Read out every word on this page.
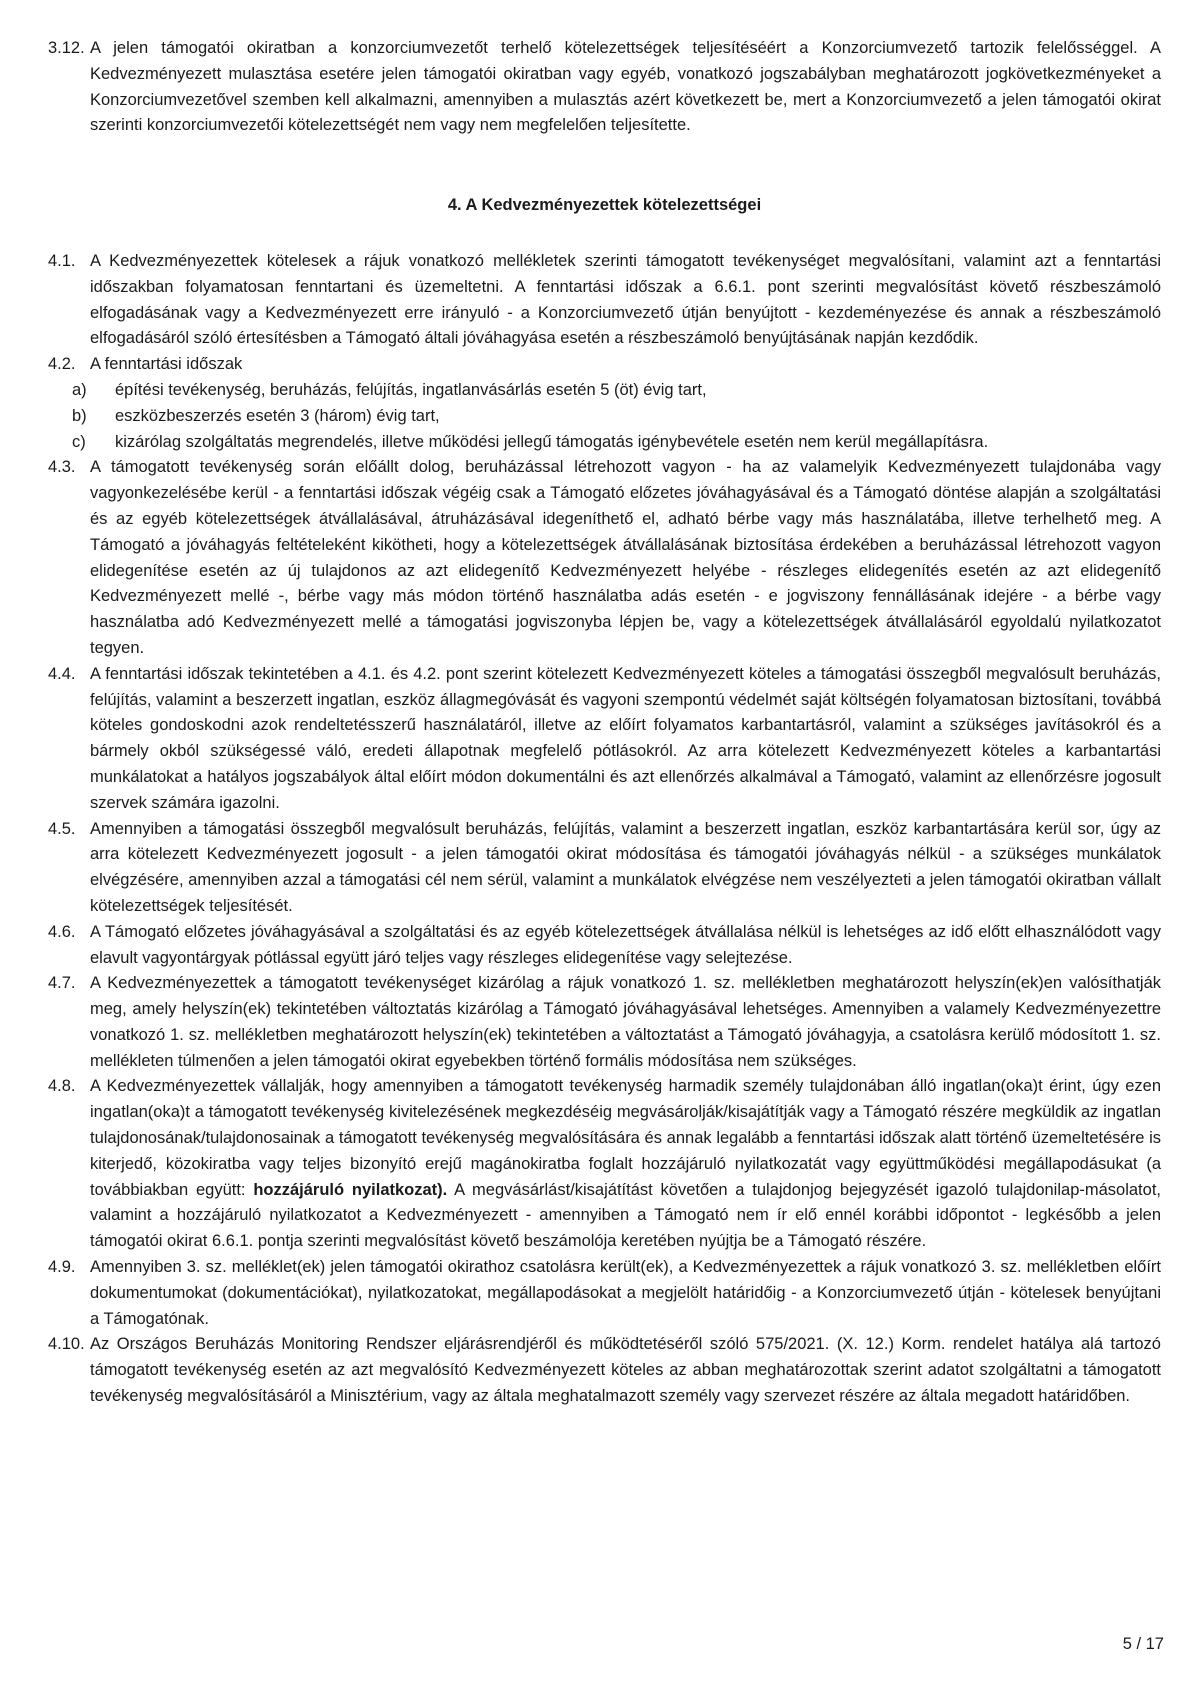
3.12. A jelen támogatói okiratban a konzorciumvezetőt terhelő kötelezettségek teljesítéséért a Konzorciumvezető tartozik felelősséggel. A Kedvezményezett mulasztása esetére jelen támogatói okiratban vagy egyéb, vonatkozó jogszabályban meghatározott jogkövetkezményeket a Konzorciumvezetővel szemben kell alkalmazni, amennyiben a mulasztás azért következett be, mert a Konzorciumvezető a jelen támogatói okirat szerinti konzorciumvezetői kötelezettségét nem vagy nem megfelelően teljesítette.
4. A Kedvezményezettek kötelezettségei
4.1. A Kedvezményezettek kötelesek a rájuk vonatkozó mellékletek szerinti támogatott tevékenységet megvalósítani, valamint azt a fenntartási időszakban folyamatosan fenntartani és üzemeltetni. A fenntartási időszak a 6.6.1. pont szerinti megvalósítást követő részbeszámoló elfogadásának vagy a Kedvezményezett erre irányuló - a Konzorciumvezető útján benyújtott - kezdeményezése és annak a részbeszámoló elfogadásáról szóló értesítésben a Támogató általi jóváhagyása esetén a részbeszámoló benyújtásának napján kezdődik.
4.2. A fenntartási időszak
a) építési tevékenység, beruházás, felújítás, ingatlanvásárlás esetén 5 (öt) évig tart,
b) eszközbeszerzés esetén 3 (három) évig tart,
c) kizárólag szolgáltatás megrendelés, illetve működési jellegű támogatás igénybevétele esetén nem kerül megállapításra.
4.3. A támogatott tevékenység során előállt dolog, beruházással létrehozott vagyon - ha az valamelyik Kedvezményezett tulajdonába vagy vagyonkezelésébe kerül - a fenntartási időszak végéig csak a Támogató előzetes jóváhagyásával és a Támogató döntése alapján a szolgáltatási és az egyéb kötelezettségek átvállalásával, átruházásával idegeníthető el, adható bérbe vagy más használatába, illetve terhelhető meg. A Támogató a jóváhagyás feltételeként kikötheti, hogy a kötelezettségek átvállalásának biztosítása érdekében a beruházással létrehozott vagyon elidegenítése esetén az új tulajdonos az azt elidegenítő Kedvezményezett helyébe - részleges elidegenítés esetén az azt elidegenítő Kedvezményezett mellé -, bérbe vagy más módon történő használatba adás esetén - e jogviszony fennállásának idejére - a bérbe vagy használatba adó Kedvezményezett mellé a támogatási jogviszonyba lépjen be, vagy a kötelezettségek átvállalásáról egyoldalú nyilatkozatot tegyen.
4.4. A fenntartási időszak tekintetében a 4.1. és 4.2. pont szerint kötelezett Kedvezményezett köteles a támogatási összegből megvalósult beruházás, felújítás, valamint a beszerzett ingatlan, eszköz állagmegóvását és vagyoni szempontú védelmét saját költségén folyamatosan biztosítani, továbbá köteles gondoskodni azok rendeltetésszerű használatáról, illetve az előírt folyamatos karbantartásról, valamint a szükséges javításokról és a bármely okból szükségessé váló, eredeti állapotnak megfelelő pótlásokról. Az arra kötelezett Kedvezményezett köteles a karbantartási munkálatokat a hatályos jogszabályok által előírt módon dokumentálni és azt ellenőrzés alkalmával a Támogató, valamint az ellenőrzésre jogosult szervek számára igazolni.
4.5. Amennyiben a támogatási összegből megvalósult beruházás, felújítás, valamint a beszerzett ingatlan, eszköz karbantartására kerül sor, úgy az arra kötelezett Kedvezményezett jogosult - a jelen támogatói okirat módosítása és támogatói jóváhagyás nélkül - a szükséges munkálatok elvégzésére, amennyiben azzal a támogatási cél nem sérül, valamint a munkálatok elvégzése nem veszélyezteti a jelen támogatói okiratban vállalt kötelezettségek teljesítését.
4.6. A Támogató előzetes jóváhagyásával a szolgáltatási és az egyéb kötelezettségek átvállalása nélkül is lehetséges az idő előtt elhasználódott vagy elavult vagyontárgyak pótlással együtt járó teljes vagy részleges elidegenítése vagy selejtezése.
4.7. A Kedvezményezettek a támogatott tevékenységet kizárólag a rájuk vonatkozó 1. sz. mellékletben meghatározott helyszín(ek)en valósíthatják meg, amely helyszín(ek) tekintetében változtatás kizárólag a Támogató jóváhagyásával lehetséges. Amennyiben a valamely Kedvezményezettre vonatkozó 1. sz. mellékletben meghatározott helyszín(ek) tekintetében a változtatást a Támogató jóváhagyja, a csatolásra kerülő módosított 1. sz. mellékleten túlmenően a jelen támogatói okirat egyebekben történő formális módosítása nem szükséges.
4.8. A Kedvezményezettek vállalják, hogy amennyiben a támogatott tevékenység harmadik személy tulajdonában álló ingatlan(oka)t érint, úgy ezen ingatlan(oka)t a támogatott tevékenység kivitelezésének megkezdéséig megvásárolják/kisajátítják vagy a Támogató részére megküldik az ingatlan tulajdonosának/tulajdonosainak a támogatott tevékenység megvalósítására és annak legalább a fenntartási időszak alatt történő üzemeltetésére is kiterjedő, közokiratba vagy teljes bizonyító erejű magánokiratba foglalt hozzájáruló nyilatkozatát vagy együttműködési megállapodásukat (a továbbiakban együtt: hozzájáruló nyilatkozat). A megvásárlást/kisajátítást követően a tulajdonjog bejegyzését igazoló tulajdonilap-másolatot, valamint a hozzájáruló nyilatkozatot a Kedvezményezett - amennyiben a Támogató nem ír elő ennél korábbi időpontot - legkésőbb a jelen támogatói okirat 6.6.1. pontja szerinti megvalósítást követő beszámolója keretében nyújtja be a Támogató részére.
4.9. Amennyiben 3. sz. melléklet(ek) jelen támogatói okirathoz csatolásra került(ek), a Kedvezményezettek a rájuk vonatkozó 3. sz. mellékletben előírt dokumentumokat (dokumentációkat), nyilatkozatokat, megállapodásokat a megjelölt határidőig - a Konzorciumvezető útján - kötelesek benyújtani a Támogatónak.
4.10. Az Országos Beruházás Monitoring Rendszer eljárásrendjéről és működtetéséről szóló 575/2021. (X. 12.) Korm. rendelet hatálya alá tartozó támogatott tevékenység esetén az azt megvalósító Kedvezményezett köteles az abban meghatározottak szerint adatot szolgáltatni a támogatott tevékenység megvalósításáról a Minisztérium, vagy az általa meghatalmazott személy vagy szervezet részére az általa megadott határidőben.
5 / 17
